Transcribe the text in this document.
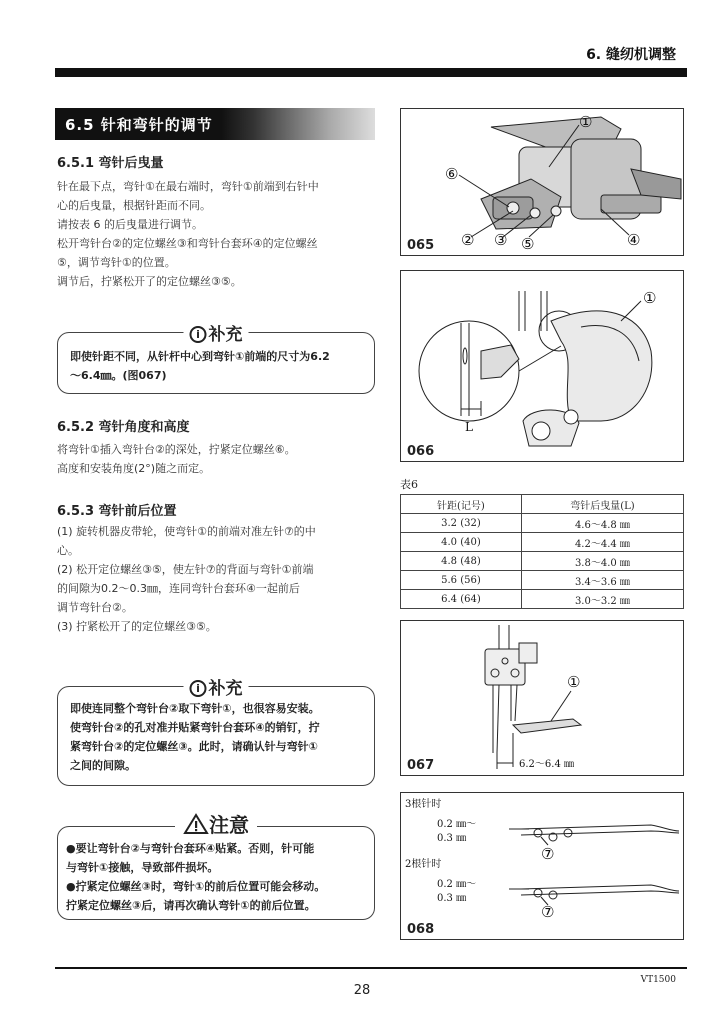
6. 缝纫机调整
6.5 针和弯针的调节
6.5.1 弯针后曳量
针在最下点，弯针①在最右端时，弯针①前端到右针中
心的后曳量，根据针距而不同。
请按表 6 的后曳量进行调节。
松开弯针台②的定位螺丝③和弯针台套环④的定位螺丝
⑤，调节弯针①的位置。
调节后，拧紧松开了的定位螺丝③⑤。
i 补充
即使针距不同，从针杆中心到弯针①前端的尺寸为6.2
～6.4㎜。(图067)
6.5.2 弯针角度和高度
将弯针①插入弯针台②的深处，拧紧定位螺丝⑥。
高度和安装角度(2°)随之而定。
6.5.3 弯针前后位置
(1) 旋转机器皮带轮，使弯针①的前端对准左针⑦的中
心。
(2) 松开定位螺丝③⑤，使左针⑦的背面与弯针①前端
的间隙为0.2～0.3㎜，连同弯针台套环④一起前后
调节弯针台②。
(3) 拧紧松开了的定位螺丝③⑤。
i 补充
即使连同整个弯针台②取下弯针①，也很容易安装。
使弯针台②的孔对准并贴紧弯针台套环④的销钉，拧
紧弯针台②的定位螺丝③。此时，请确认针与弯针①
之间的间隙。
注意
●要让弯针台②与弯针台套环④贴紧。否则，针可能
与弯针①接触，导致部件损坏。
●拧紧定位螺丝③时，弯针①的前后位置可能会移动。
拧紧定位螺丝③后，请再次确认弯针①的前后位置。
①
② ③	④
⑤
⑥
065
L
①
066
表6
针距(记号)	弯针后曳量(L)
3.2 (32)	4.6～4.8 ㎜
4.0 (40)	4.2～4.4 ㎜
4.8 (48)	3.8～4.0 ㎜
5.6 (56)	3.4～3.6 ㎜
6.4 (64)	3.0～3.2 ㎜
6.2～6.4 ㎜
①
067
3根针时
0.2 ㎜～
0.3 ㎜
2根针时
0.2 ㎜～
0.3 ㎜
⑦
⑦
068
VT1500
28
